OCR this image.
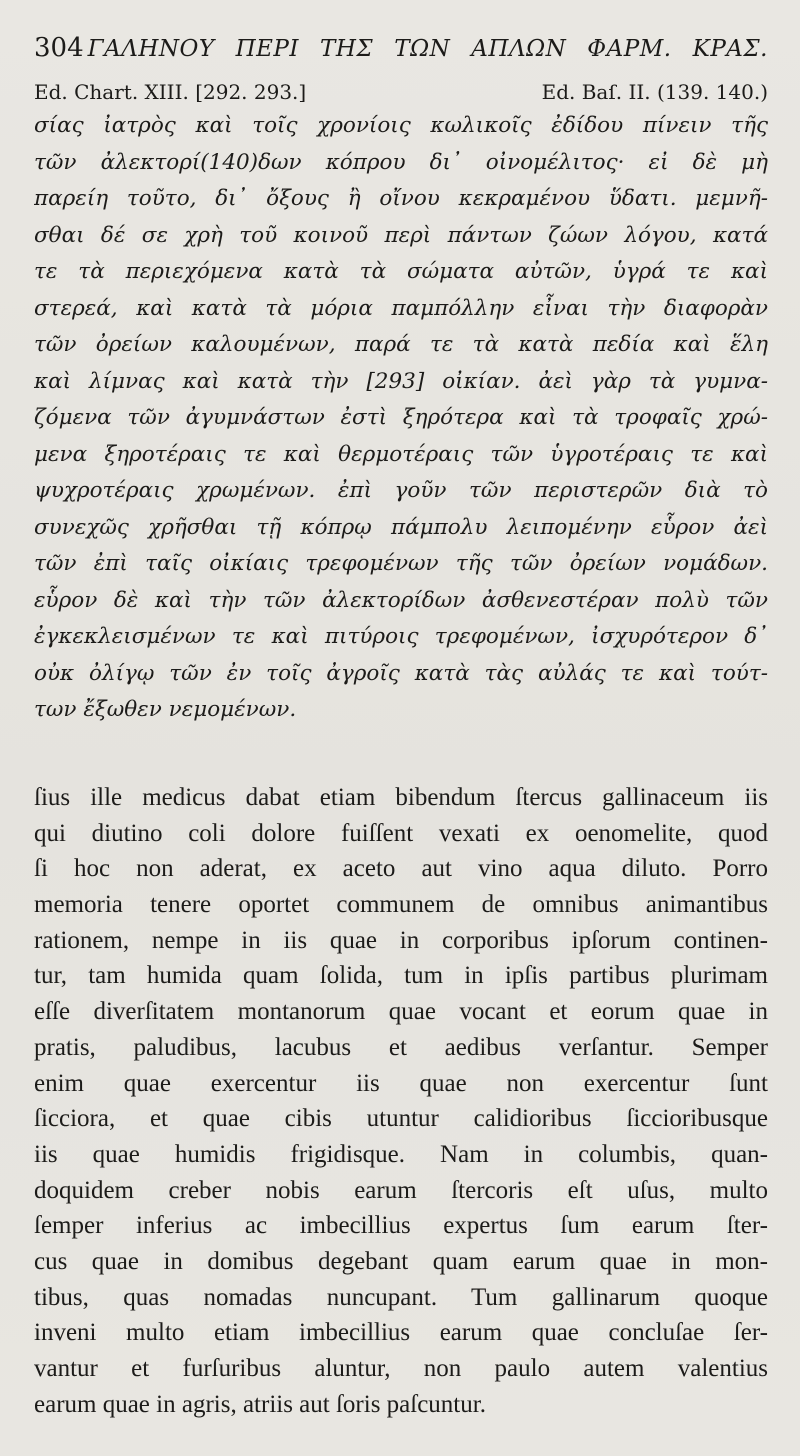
304 ΓΑΛΗΝΟΥ ΠΕΡΙ ΤΗΣ ΤΩΝ ΑΠΛΩΝ ΦΑΡΜ. ΚΡΑΣ.
Ed. Chart. XIII. [292. 293.]	Ed. Baſ. II. (139. 140.)
σίας ἰατρὸς καὶ τοῖς χρονίοις κωλικοῖς ἐδίδου πίνειν τῆς
τῶν ἀλεκτορί(140)δων κόπρου δι᾽ οἰνομέλιτος· εἰ δὲ μὴ
παρείη τοῦτο, δι᾽ ὄξους ἢ οἴνου κεκραμένου ὕδατι. μεμνῆ-
σθαι δέ σε χρὴ τοῦ κοινοῦ περὶ πάντων ζώων λόγου, κατά
τε τὰ περιεχόμενα κατὰ τὰ σώματα αὐτῶν, ὑγρά τε καὶ
στερεά, καὶ κατὰ τὰ μόρια παμπόλλην εἶναι τὴν διαφορὰν
τῶν ὀρείων καλουμένων, παρά τε τὰ κατὰ πεδία καὶ ἕλη
καὶ λίμνας καὶ κατὰ τὴν [293] οἰκίαν. ἀεὶ γὰρ τὰ γυμνα-
ζόμενα τῶν ἀγυμνάστων ἐστὶ ξηρότερα καὶ τὰ τροφαῖς χρώ-
μενα ξηροτέραις τε καὶ θερμοτέραις τῶν ὑγροτέραις τε καὶ
ψυχροτέραις χρωμένων. ἐπὶ γοῦν τῶν περιστερῶν διὰ τὸ
συνεχῶς χρῆσθαι τῇ κόπρῳ πάμπολυ λειπομένην εὗρον ἀεὶ
τῶν ἐπὶ ταῖς οἰκίαις τρεφομένων τῆς τῶν ὀρείων νομάδων.
εὗρον δὲ καὶ τὴν τῶν ἀλεκτορίδων ἀσθενεστέραν πολὺ τῶν
ἐγκεκλεισμένων τε καὶ πιτύροις τρεφομένων, ἰσχυρότερον δ᾽
οὐκ ὀλίγῳ τῶν ἐν τοῖς ἀγροῖς κατὰ τὰς αὐλάς τε καὶ τούτ-
των ἔξωθεν νεμομένων.
ſius ille medicus dabat etiam bibendum ſtercus gallinaceum iis
qui diutino coli dolore fuiſſent vexati ex oenomelite, quod
ſi hoc non aderat, ex aceto aut vino aqua diluto. Porro
memoria tenere oportet communem de omnibus animantibus
rationem, nempe in iis quae in corporibus ipſorum continen-
tur, tam humida quam ſolida, tum in ipſis partibus plurimam
eſſe diverſitatem montanorum quae vocant et eorum quae in
pratis, paludibus, lacubus et aedibus verſantur. Semper
enim quae exercentur iis quae non exercentur ſunt
ſicciora, et quae cibis utuntur calidioribus ſiccioribusque
iis quae humidis frigidisque. Nam in columbis, quan-
doquidem creber nobis earum ſtercoris eſt uſus, multo
ſemper inferius ac imbecillius expertus ſum earum ſter-
cus quae in domibus degebant quam earum quae in mon-
tibus, quas nomadas nuncupant. Tum gallinarum quoque
inveni multo etiam imbecillius earum quae concluſae ſer-
vantur et furſuribus aluntur, non paulo autem valentius
earum quae in agris, atriis aut ſoris paſcuntur.
